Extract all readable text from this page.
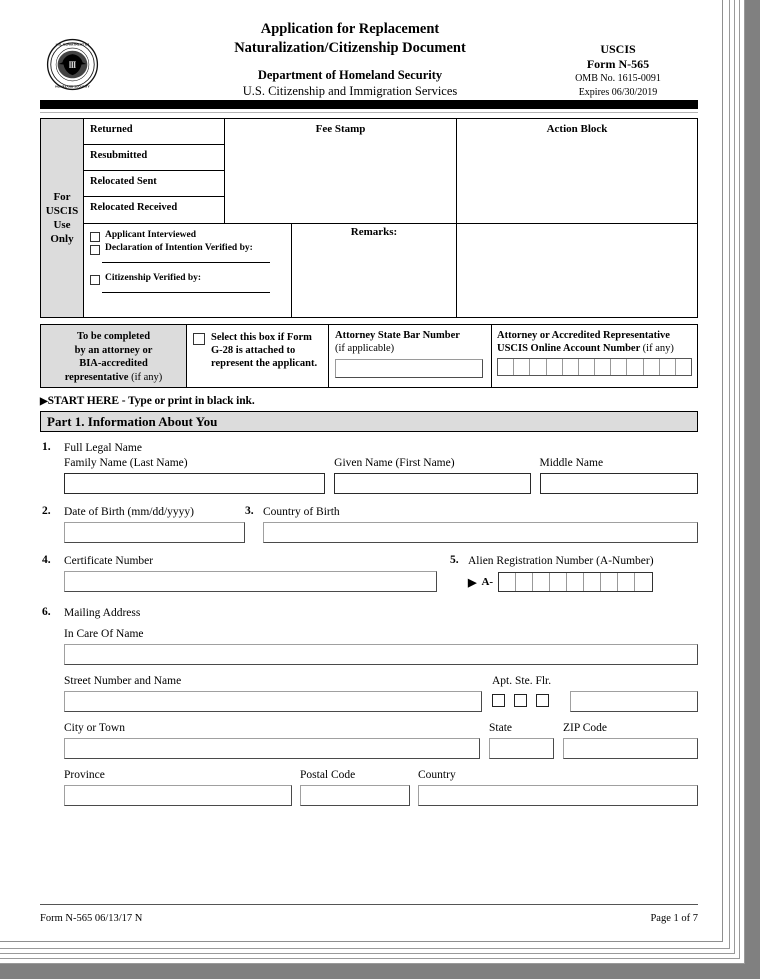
U.S. DEPARTMENT OF
HOMELAND SECURITY
Application for Replacement
Naturalization/Citizenship Document
Department of Homeland Security
U.S. Citizenship and Immigration Services
USCIS
Form N-565
OMB No. 1615-0091
Expires 06/30/2019
For
USCIS
Use
Only
Returned
Resubmitted
Relocated Sent
Relocated Received
Fee Stamp	Action Block
Applicant Interviewed
Declaration of Intention Verified by:
Citizenship Verified by:
Remarks:
To be completed
by an attorney or
BIA-accredited
representative (if any)
Select this box if Form G-28 is attached to represent the applicant.
Attorney State Bar Number
(if applicable)
Attorney or Accredited Representative
USCIS Online Account Number (if any)
▶START HERE - Type or print in black ink.
Part 1. Information About You
1. Full Legal Name
Family Name (Last Name)	Given Name (First Name)	Middle Name
2. Date of Birth (mm/dd/yyyy)	3. Country of Birth
4. Certificate Number	5. Alien Registration Number (A-Number)
▶ A-
6. Mailing Address
In Care Of Name
Street Number and Name	Apt. Ste. Flr.
City or Town	State	ZIP Code
Province	Postal Code	Country
Form N-565 06/13/17 N	Page 1 of 7
